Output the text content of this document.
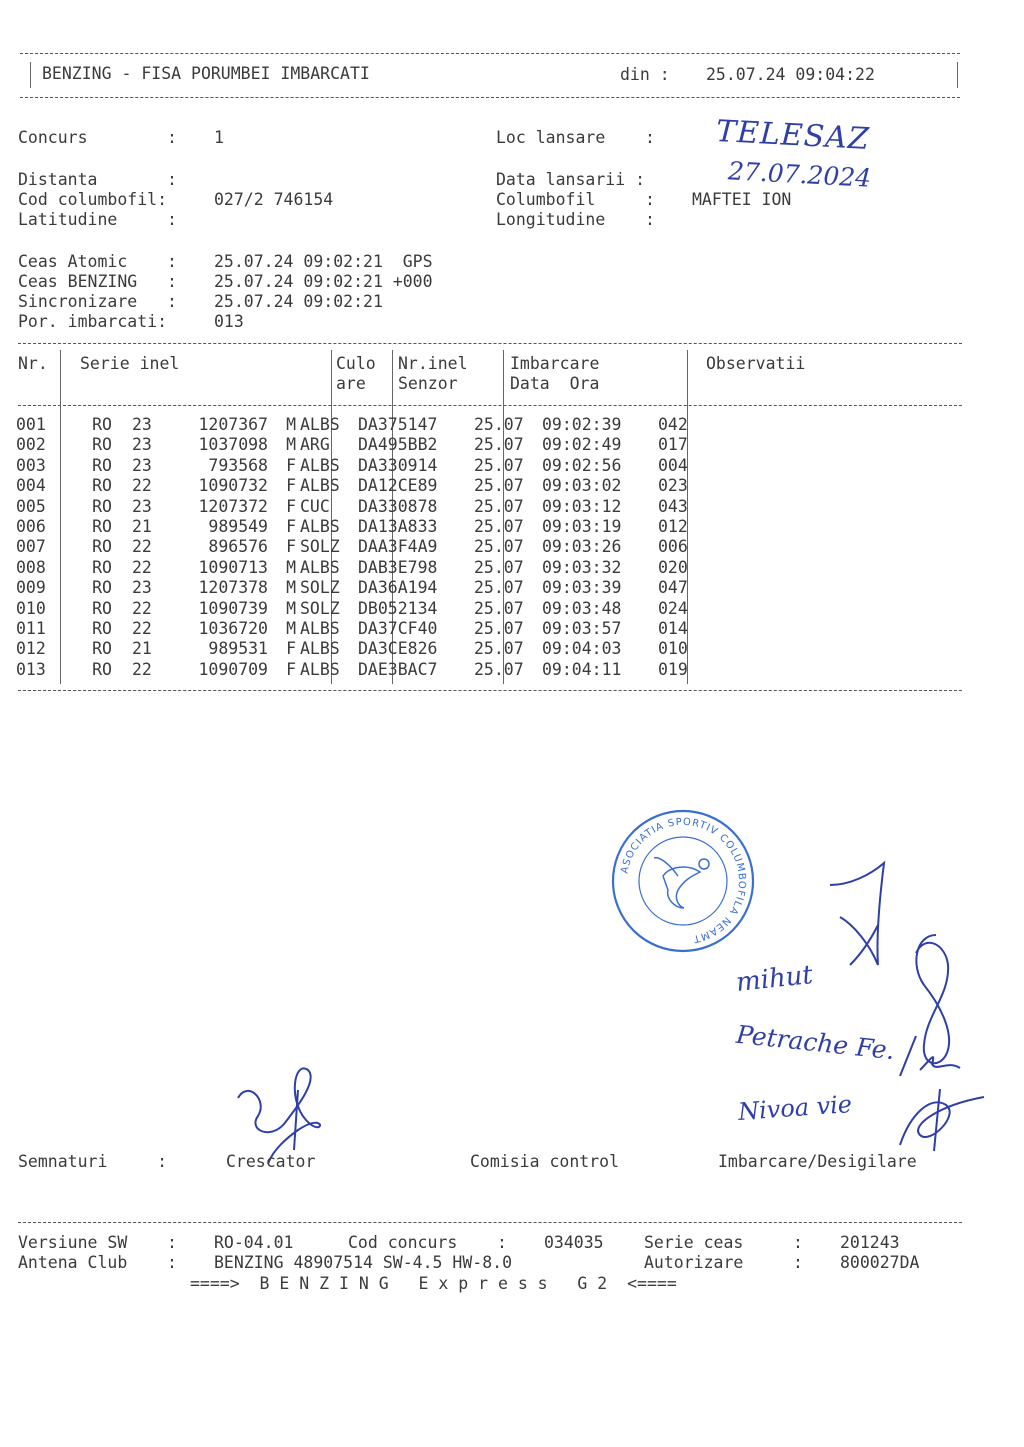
BENZING - FISA PORUMBEI IMBARCATI	din : 25.07.24 09:04:22
Concurs        : 1	Loc lansare    : TELESAZ
Distanta       :	Data lansarii :	27.07.2024
Cod columbofil:	027/2 746154	Columbofil     : MAFTEI ION
Latitudine     :	Longitudine    :
Ceas Atomic    : 25.07.24 09:02:21  GPS
Ceas BENZING   : 25.07.24 09:02:21 +000
Sincronizare   : 25.07.24 09:02:21
Por. imbarcati:	013
Nr. Serie inel	Culo
are
Nr.inel
Senzor
Imbarcare
Data  Ora
Observatii
001	RO	23	1207367	M	ALBS	DA375147	25.07	09:02:39	042
002	RO	23	1037098	M	ARG	DA495BB2	25.07	09:02:49	017
003	RO	23	793568	F	ALBS	DA330914	25.07	09:02:56	004
004	RO	22	1090732	F	ALBS	DA12CE89	25.07	09:03:02	023
005	RO	23	1207372	F	CUC	DA330878	25.07	09:03:12	043
006	RO	21	989549	F	ALBS	DA13A833	25.07	09:03:19	012
007	RO	22	896576	F	SOLZ	DAA3F4A9	25.07	09:03:26	006
008	RO	22	1090713	M	ALBS	DAB3E798	25.07	09:03:32	020
009	RO	23	1207378	M	SOLZ	DA36A194	25.07	09:03:39	047
010	RO	22	1090739	M	SOLZ	DB052134	25.07	09:03:48	024
011	RO	22	1036720	M	ALBS	DA37CF40	25.07	09:03:57	014
012	RO	21	989531	F	ALBS	DA3CE826	25.07	09:04:03	010
013	RO	22	1090709	F	ALBS	DAE3BAC7	25.07	09:04:11	019
ASOCIATIA SPORTIV COLUMBOFILA NEAMT
mihut
Petrache Fe.
Nivoa vie
Semnaturi     :	Crescator	Comisia control	Imbarcare/Desigilare
Versiune SW    : RO-04.01	Cod concurs    : 034035 Serie ceas     : 201243
Antena Club    : BENZING 48907514 SW-4.5 HW-8.0	Autorizare     : 800027DA
====>  B E N Z I N G   E x p r e s s   G 2  <====
